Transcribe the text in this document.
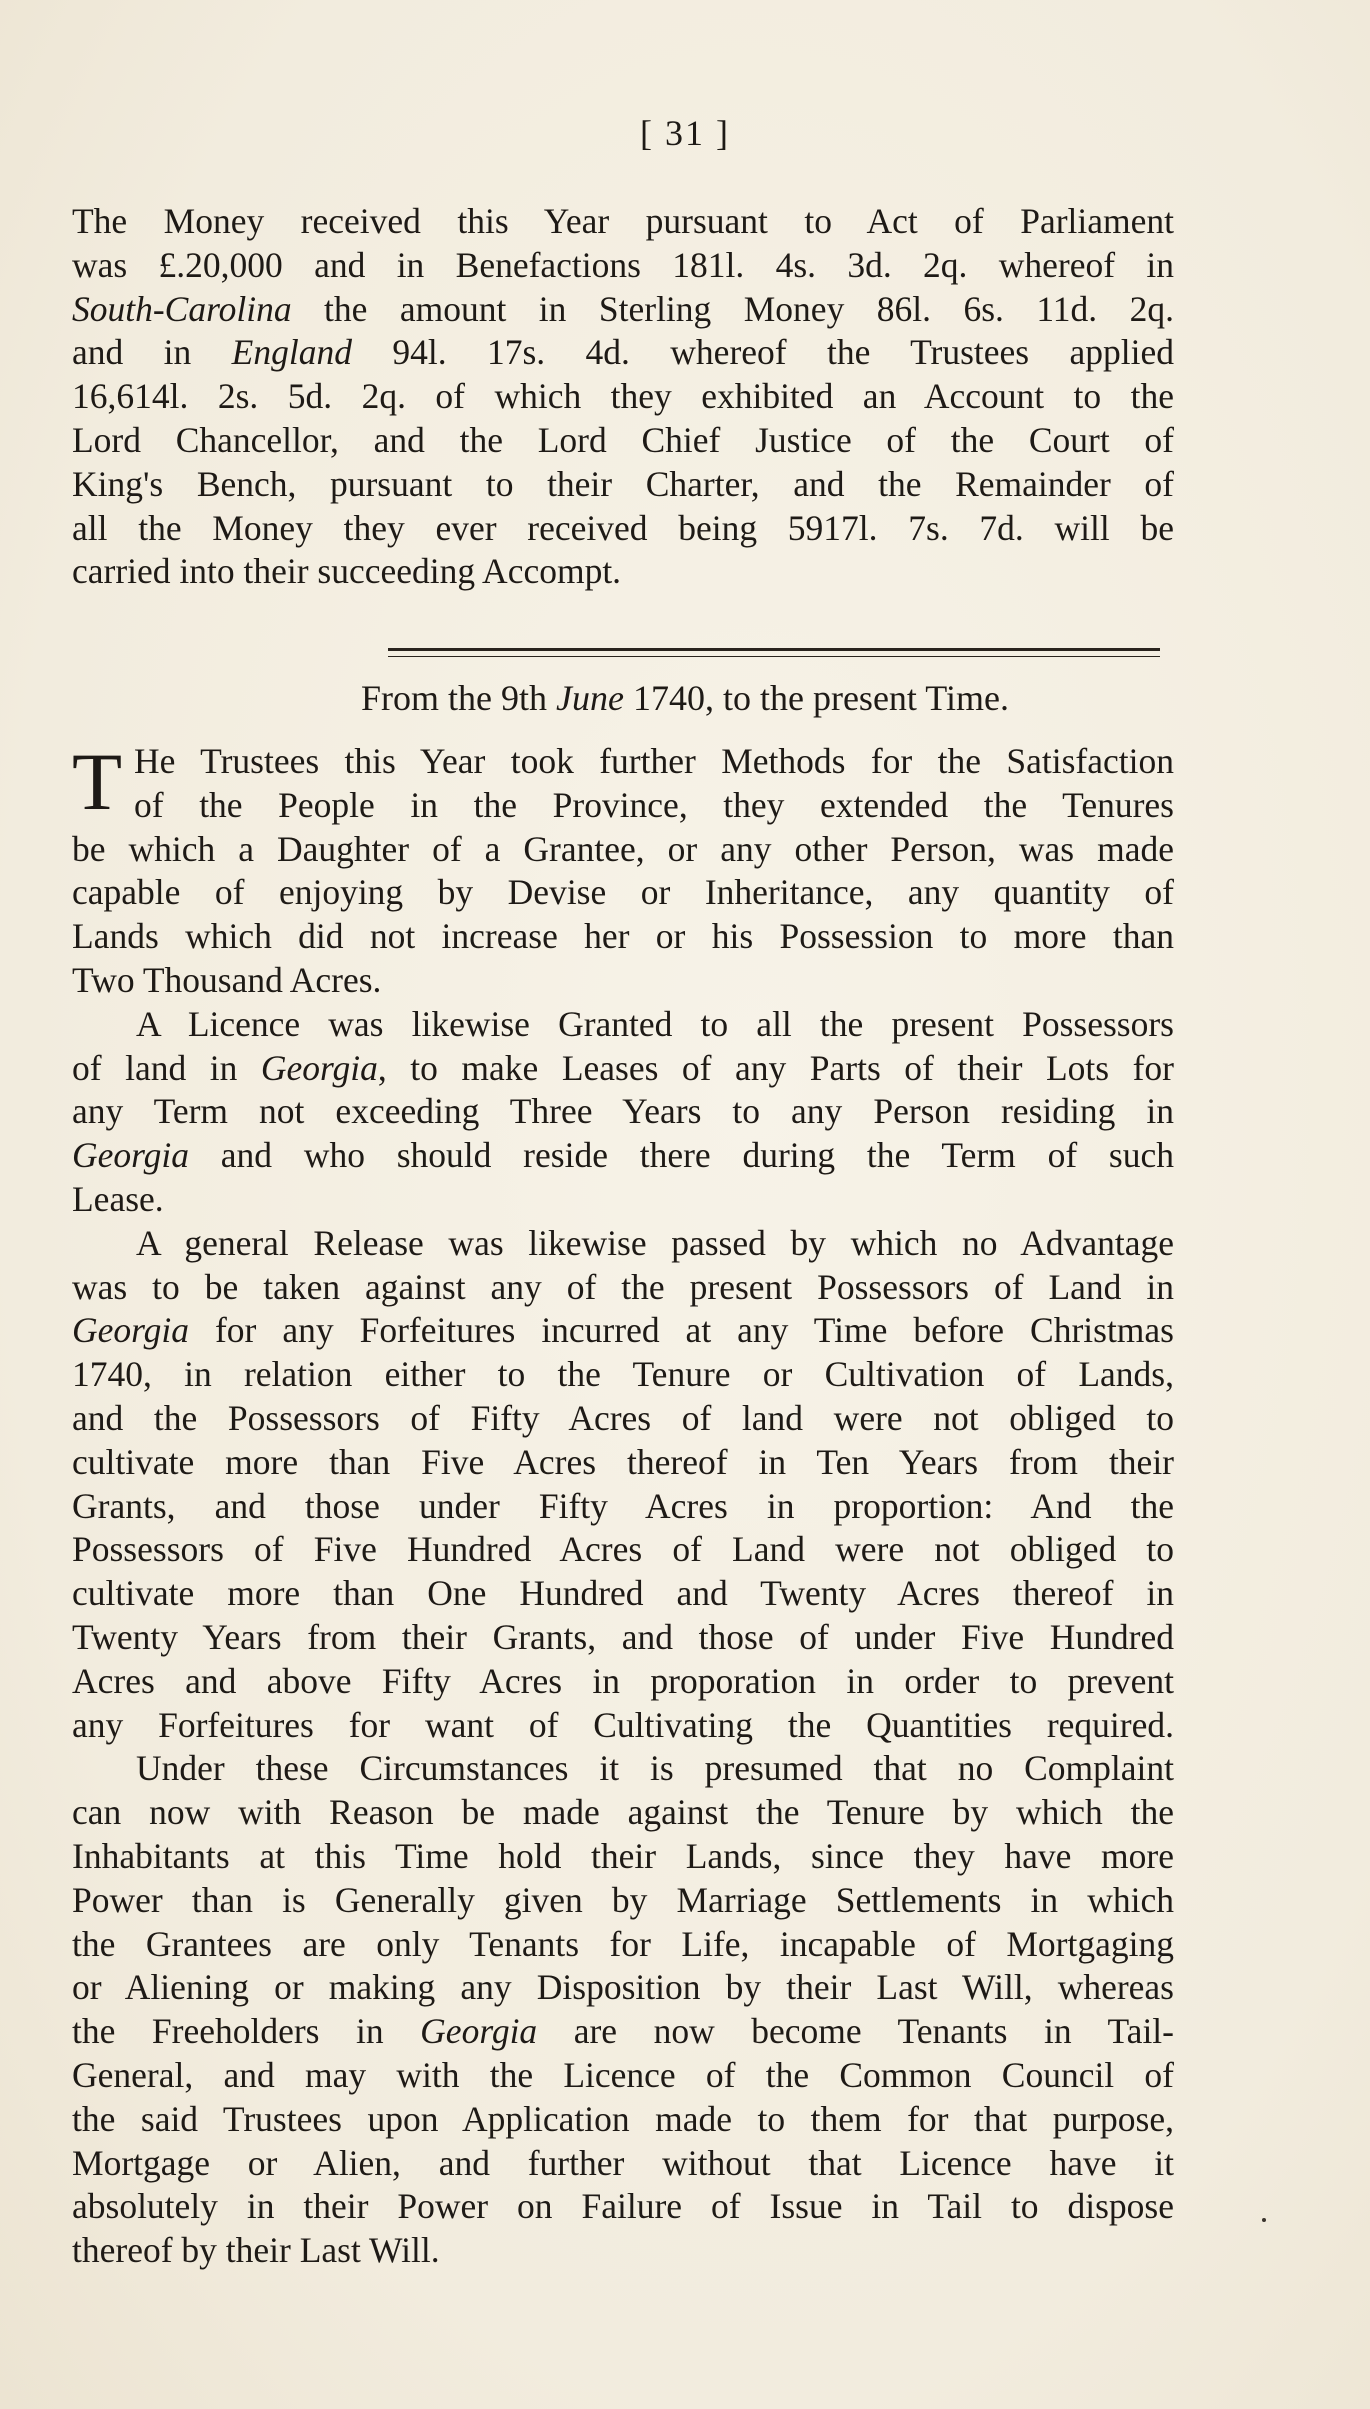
[ 31 ]
The Money received this Year pursuant to Act of Parliament
was £.20,000 and in Benefactions 181l. 4s. 3d. 2q. whereof in
South-Carolina the amount in Sterling Money 86l. 6s. 11d. 2q.
and in England 94l. 17s. 4d. whereof the Trustees applied
16,614l. 2s. 5d. 2q. of which they exhibited an Account to the
Lord Chancellor, and the Lord Chief Justice of the Court of
King's Bench, pursuant to their Charter, and the Remainder of
all the Money they ever received being 5917l. 7s. 7d. will be
carried into their succeeding Accompt.
From the 9th June 1740, to the present Time.
T He Trustees this Year took further Methods for the Satisfaction
of the People in the Province, they extended the Tenures
be which a Daughter of a Grantee, or any other Person, was made
capable of enjoying by Devise or Inheritance, any quantity of
Lands which did not increase her or his Possession to more than
Two Thousand Acres.
A Licence was likewise Granted to all the present Possessors
of land in Georgia, to make Leases of any Parts of their Lots for
any Term not exceeding Three Years to any Person residing in
Georgia and who should reside there during the Term of such
Lease.
A general Release was likewise passed by which no Advantage
was to be taken against any of the present Possessors of Land in
Georgia for any Forfeitures incurred at any Time before Christmas
1740, in relation either to the Tenure or Cultivation of Lands,
and the Possessors of Fifty Acres of land were not obliged to
cultivate more than Five Acres thereof in Ten Years from their
Grants, and those under Fifty Acres in proportion: And the
Possessors of Five Hundred Acres of Land were not obliged to
cultivate more than One Hundred and Twenty Acres thereof in
Twenty Years from their Grants, and those of under Five Hundred
Acres and above Fifty Acres in proporation in order to prevent
any Forfeitures for want of Cultivating the Quantities required.
Under these Circumstances it is presumed that no Complaint
can now with Reason be made against the Tenure by which the
Inhabitants at this Time hold their Lands, since they have more
Power than is Generally given by Marriage Settlements in which
the Grantees are only Tenants for Life, incapable of Mortgaging
or Aliening or making any Disposition by their Last Will, whereas
the Freeholders in Georgia are now become Tenants in Tail-
General, and may with the Licence of the Common Council of
the said Trustees upon Application made to them for that purpose,
Mortgage or Alien, and further without that Licence have it
absolutely in their Power on Failure of Issue in Tail to dispose
thereof by their Last Will.
